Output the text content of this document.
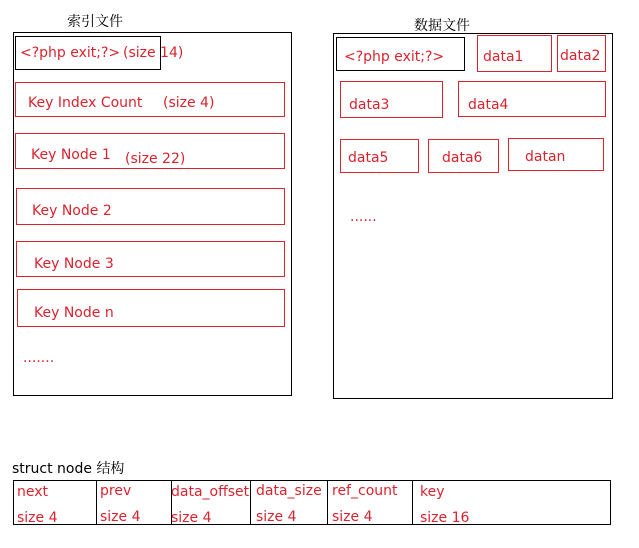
索引文件
<?php exit;?> (size 14)
Key Index Count (size 4)
Key Node 1 (size 22)
Key Node 2
Key Node 3
Key Node n
.......
数据文件
<?php exit;?>	data1	data2
data3	data4
data5	data6	datan
......
struct node 结构
next
size 4
prev
size 4
data_offset
size 4
data_size
size 4
ref_count
size 4
key
size 16
